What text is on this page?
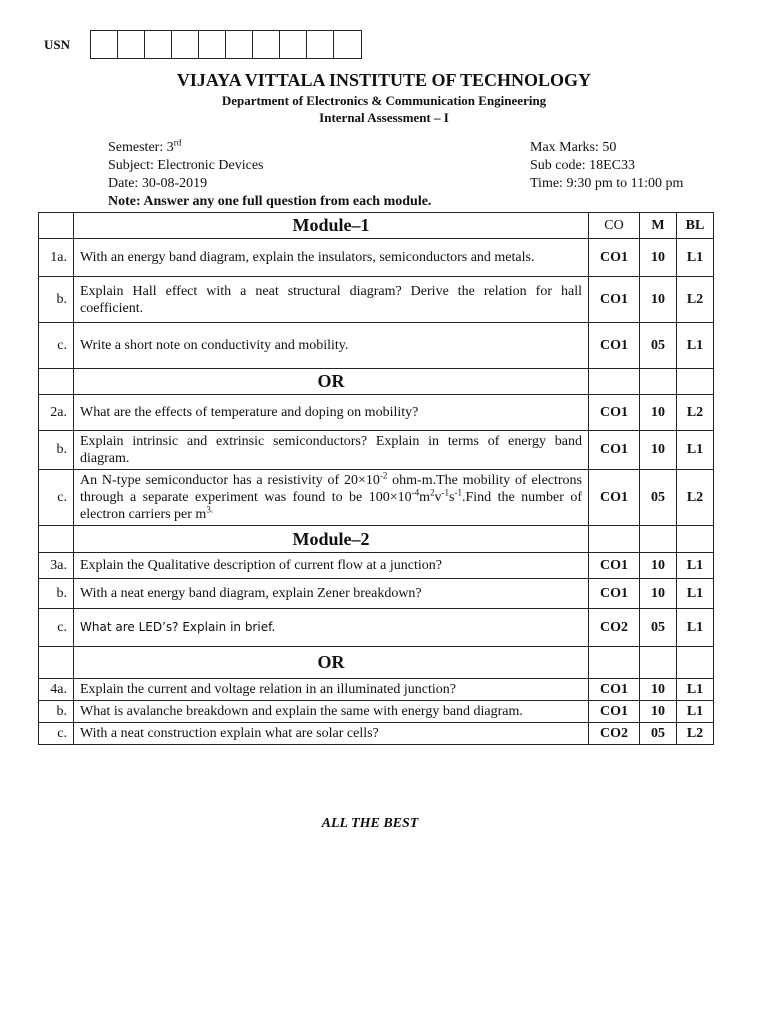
USN
VIJAYA VITTALA INSTITUTE OF TECHNOLOGY
Department of Electronics & Communication Engineering
Internal Assessment – I
Semester: 3rd
Subject: Electronic Devices
Date: 30-08-2019
Note: Answer any one full question from each module.
Max Marks: 50
Sub code: 18EC33
Time: 9:30 pm to 11:00 pm
	Module–1	CO	M	BL
1a.	With an energy band diagram, explain the insulators, semiconductors and metals.	CO1	10	L1
b.	Explain Hall effect with a neat structural diagram? Derive the relation for hall coefficient.	CO1	10	L2
c.	Write a short note on conductivity and mobility.	CO1	05	L1
	OR			
2a.	What are the effects of temperature and doping on mobility?	CO1	10	L2
b.	Explain intrinsic and extrinsic semiconductors? Explain in terms of energy band diagram.	CO1	10	L1
c.	An N-type semiconductor has a resistivity of $20\times 10^{-2}$ ohm-m.The mobility of electrons through a separate experiment was found to be $100\times 10^{-4}m^2v^{-1}s^{-1}.Find$ the number of electron carriers per $m^{3.}$	CO1	05	L2
	Module–2			
3a.	Explain the Qualitative description of current flow at a junction?	CO1	10	L1
b.	With a neat energy band diagram, explain Zener breakdown?	CO1	10	L1
c.	What are LED’s? Explain in brief.	CO2	05	L1
	OR			
4a.	Explain the current and voltage relation in an illuminated junction?	CO1	10	L1
b.	What is avalanche breakdown and explain the same with energy band diagram.	CO1	10	L1
c.	With a neat construction explain what are solar cells?	CO2	05	L2
ALL THE BEST
